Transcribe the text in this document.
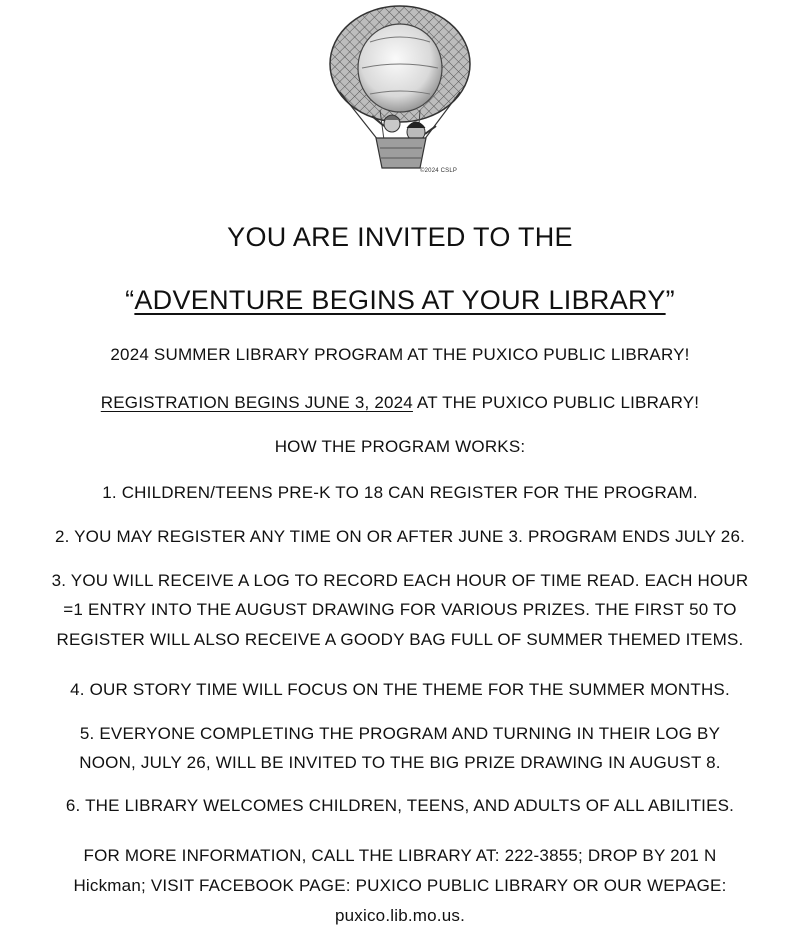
©2024 CSLP
YOU ARE INVITED TO THE
“ADVENTURE BEGINS AT YOUR LIBRARY”
2024 SUMMER LIBRARY PROGRAM AT THE PUXICO PUBLIC LIBRARY!
REGISTRATION BEGINS JUNE 3, 2024 AT THE PUXICO PUBLIC LIBRARY!
HOW THE PROGRAM WORKS:
1. CHILDREN/TEENS PRE-K TO 18 CAN REGISTER FOR THE PROGRAM.
2. YOU MAY REGISTER ANY TIME ON OR AFTER JUNE 3. PROGRAM ENDS JULY 26.
3. YOU WILL RECEIVE A LOG TO RECORD EACH HOUR OF TIME READ. EACH HOUR
=1 ENTRY INTO THE AUGUST DRAWING FOR VARIOUS PRIZES. THE FIRST 50 TO
REGISTER WILL ALSO RECEIVE A GOODY BAG FULL OF SUMMER THEMED ITEMS.
4. OUR STORY TIME WILL FOCUS ON THE THEME FOR THE SUMMER MONTHS.
5. EVERYONE COMPLETING THE PROGRAM AND TURNING IN THEIR LOG BY
NOON, JULY 26, WILL BE INVITED TO THE BIG PRIZE DRAWING IN AUGUST 8.
6. THE LIBRARY WELCOMES CHILDREN, TEENS, AND ADULTS OF ALL ABILITIES.
FOR MORE INFORMATION, CALL THE LIBRARY AT: 222-3855; DROP BY 201 N
Hickman; VISIT FACEBOOK PAGE: PUXICO PUBLIC LIBRARY OR OUR WEPAGE:
puxico.lib.mo.us.
